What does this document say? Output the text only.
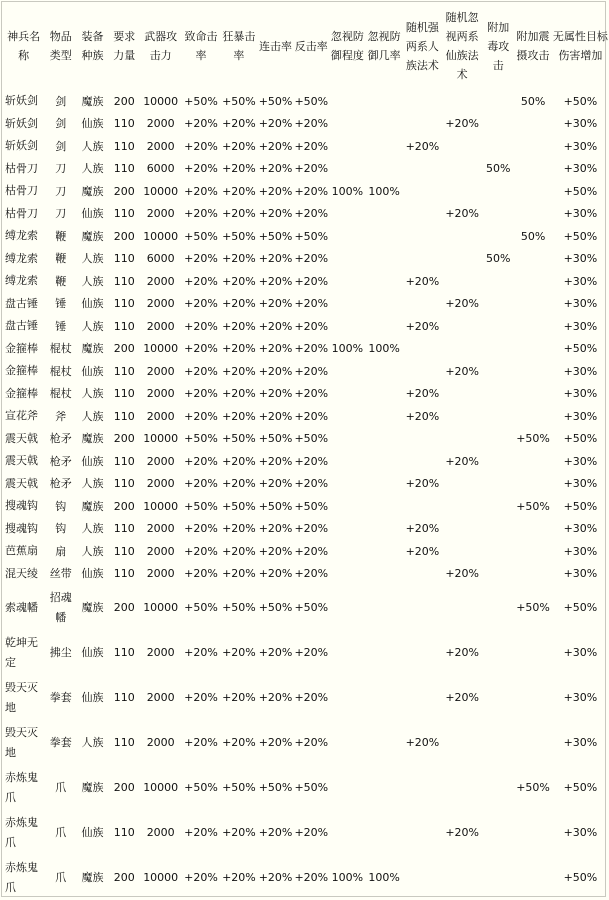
神兵名称	物品类型	装备种族	要求力量	武器攻击力	致命击率	狂暴击率	连击率	反击率	忽视防御程度	忽视防御几率	随机强两系人族法术	随机忽视两系仙族法术	附加毒攻击	附加震摄攻击	无属性目标伤害增加
斩妖剑	剑	魔族	200	10000	+50%	+50%	+50%	+50%						50%	+50%
斩妖剑	剑	仙族	110	2000	+20%	+20%	+20%	+20%				+20%			+30%
斩妖剑	剑	人族	110	2000	+20%	+20%	+20%	+20%			+20%				+30%
枯骨刀	刀	人族	110	6000	+20%	+20%	+20%	+20%					50%		+30%
枯骨刀	刀	魔族	200	10000	+20%	+20%	+20%	+20%	100%	100%					+50%
枯骨刀	刀	仙族	110	2000	+20%	+20%	+20%	+20%				+20%			+30%
缚龙索	鞭	魔族	200	10000	+50%	+50%	+50%	+50%						50%	+50%
缚龙索	鞭	人族	110	6000	+20%	+20%	+20%	+20%					50%		+30%
缚龙索	鞭	人族	110	2000	+20%	+20%	+20%	+20%			+20%				+30%
盘古锤	锤	仙族	110	2000	+20%	+20%	+20%	+20%				+20%			+30%
盘古锤	锤	人族	110	2000	+20%	+20%	+20%	+20%			+20%				+30%
金箍棒	棍杖	魔族	200	10000	+20%	+20%	+20%	+20%	100%	100%					+50%
金箍棒	棍杖	仙族	110	2000	+20%	+20%	+20%	+20%				+20%			+30%
金箍棒	棍杖	人族	110	2000	+20%	+20%	+20%	+20%			+20%				+30%
宣花斧	斧	人族	110	2000	+20%	+20%	+20%	+20%			+20%				+30%
震天戟	枪矛	魔族	200	10000	+50%	+50%	+50%	+50%						+50%	+50%
震天戟	枪矛	仙族	110	2000	+20%	+20%	+20%	+20%				+20%			+30%
震天戟	枪矛	人族	110	2000	+20%	+20%	+20%	+20%			+20%				+30%
搜魂钩	钩	魔族	200	10000	+50%	+50%	+50%	+50%						+50%	+50%
搜魂钩	钩	人族	110	2000	+20%	+20%	+20%	+20%			+20%				+30%
芭蕉扇	扇	人族	110	2000	+20%	+20%	+20%	+20%			+20%				+30%
混天绫	丝带	仙族	110	2000	+20%	+20%	+20%	+20%				+20%			+30%
索魂幡	招魂幡	魔族	200	10000	+50%	+50%	+50%	+50%						+50%	+50%
乾坤无定	拂尘	仙族	110	2000	+20%	+20%	+20%	+20%				+20%			+30%
毁天灭地	拳套	仙族	110	2000	+20%	+20%	+20%	+20%				+20%			+30%
毁天灭地	拳套	人族	110	2000	+20%	+20%	+20%	+20%			+20%				+30%
赤炼鬼爪	爪	魔族	200	10000	+50%	+50%	+50%	+50%						+50%	+50%
赤炼鬼爪	爪	仙族	110	2000	+20%	+20%	+20%	+20%				+20%			+30%
赤炼鬼爪	爪	魔族	200	10000	+20%	+20%	+20%	+20%	100%	100%					+50%
